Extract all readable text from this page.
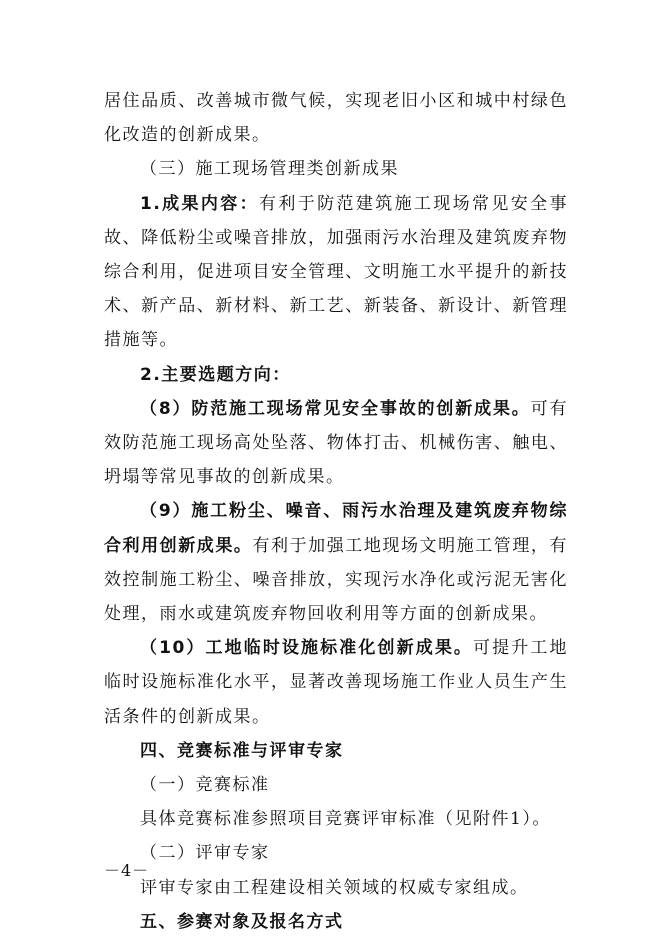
居住品质、改善城市微气候，实现老旧小区和城中村绿色化改造的创新成果。

（三）施工现场管理类创新成果

1.成果内容：有利于防范建筑施工现场常见安全事故、降低粉尘或噪音排放，加强雨污水治理及建筑废弃物综合利用，促进项目安全管理、文明施工水平提升的新技术、新产品、新材料、新工艺、新装备、新设计、新管理措施等。

2.主要选题方向：

（8）防范施工现场常见安全事故的创新成果。可有效防范施工现场高处坠落、物体打击、机械伤害、触电、坍塌等常见事故的创新成果。

（9）施工粉尘、噪音、雨污水治理及建筑废弃物综合利用创新成果。有利于加强工地现场文明施工管理，有效控制施工粉尘、噪音排放，实现污水净化或污泥无害化处理，雨水或建筑废弃物回收利用等方面的创新成果。

（10）工地临时设施标准化创新成果。可提升工地临时设施标准化水平，显著改善现场施工作业人员生产生活条件的创新成果。

四、竞赛标准与评审专家

（一）竞赛标准

具体竞赛标准参照项目竞赛评审标准（见附件1）。

（二）评审专家

评审专家由工程建设相关领域的权威专家组成。

五、参赛对象及报名方式

－4－
